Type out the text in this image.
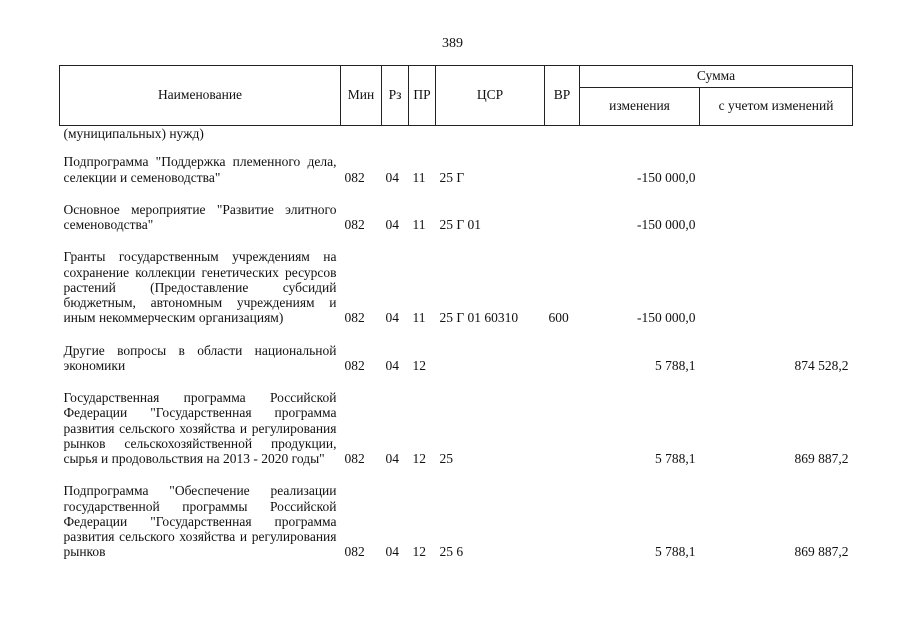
389
Наименование	Мин	Рз	ПР	ЦСР	ВР	Сумма	
						изменения	с учетом изменений
(муниципальных) нужд)							

Подпрограмма "Поддержка племенного дела, селекции и семеноводства"	082	04	11	25 Г		-150 000,0	

Основное мероприятие "Развитие элитного семеноводства"	082	04	11	25 Г 01		-150 000,0	

Гранты государственным учреждениям на сохранение коллекции генетических ресурсов растений (Предоставление субсидий бюджетным, автономным учреждениям и иным некоммерческим организациям)	082	04	11	25 Г 01 60310	600	-150 000,0	

Другие вопросы в области национальной экономики	082	04	12			5 788,1	874 528,2

Государственная программа Российской Федерации "Государственная программа развития сельского хозяйства и регулирования рынков сельскохозяйственной продукции, сырья и продовольствия на 2013 - 2020 годы"	082	04	12	25		5 788,1	869 887,2

Подпрограмма "Обеспечение реализации государственной программы Российской Федерации "Государственная программа развития сельского хозяйства и регулирования рынков	082	04	12	25 6		5 788,1	869 887,2
